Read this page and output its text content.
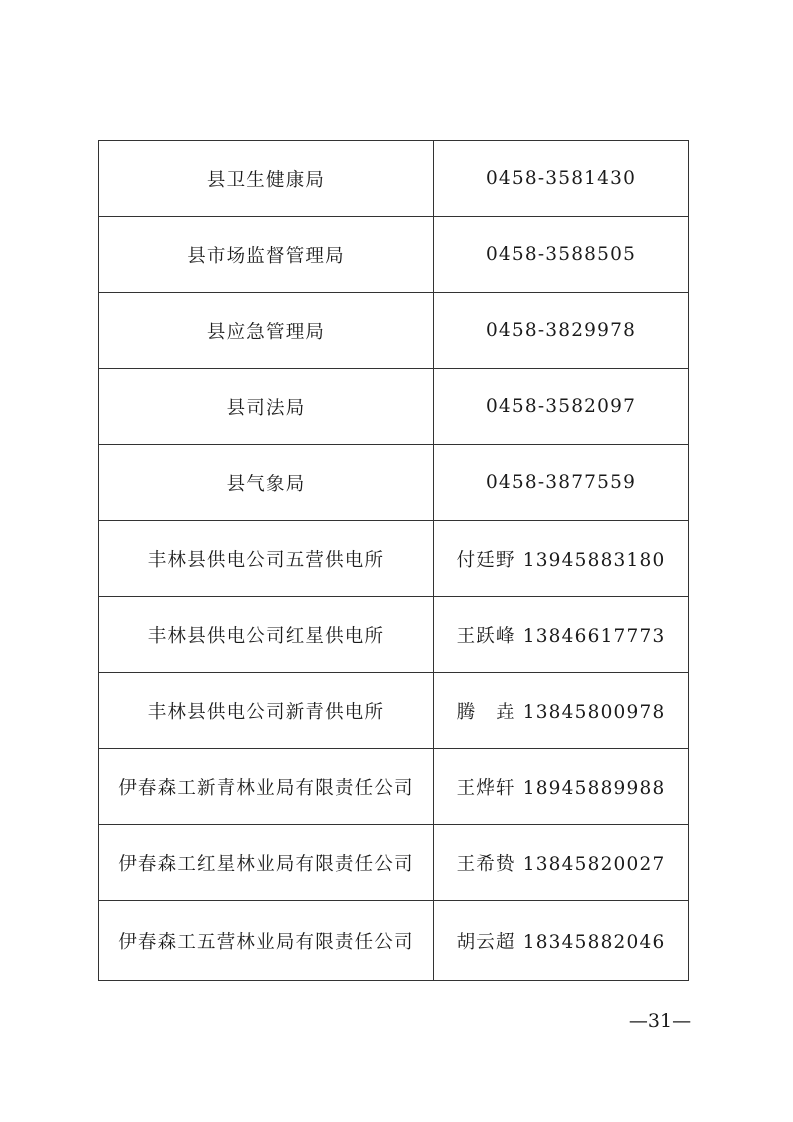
县卫生健康局	0458-3581430
县市场监督管理局	0458-3588505
县应急管理局	0458-3829978
县司法局	0458-3582097
县气象局	0458-3877559
丰林县供电公司五营供电所	付廷野 13945883180
丰林县供电公司红星供电所	王跃峰 13846617773
丰林县供电公司新青供电所	腾　垚 13845800978
伊春森工新青林业局有限责任公司	王烨轩 18945889988
伊春森工红星林业局有限责任公司	王希贽 13845820027
伊春森工五营林业局有限责任公司	胡云超 18345882046
—31—
